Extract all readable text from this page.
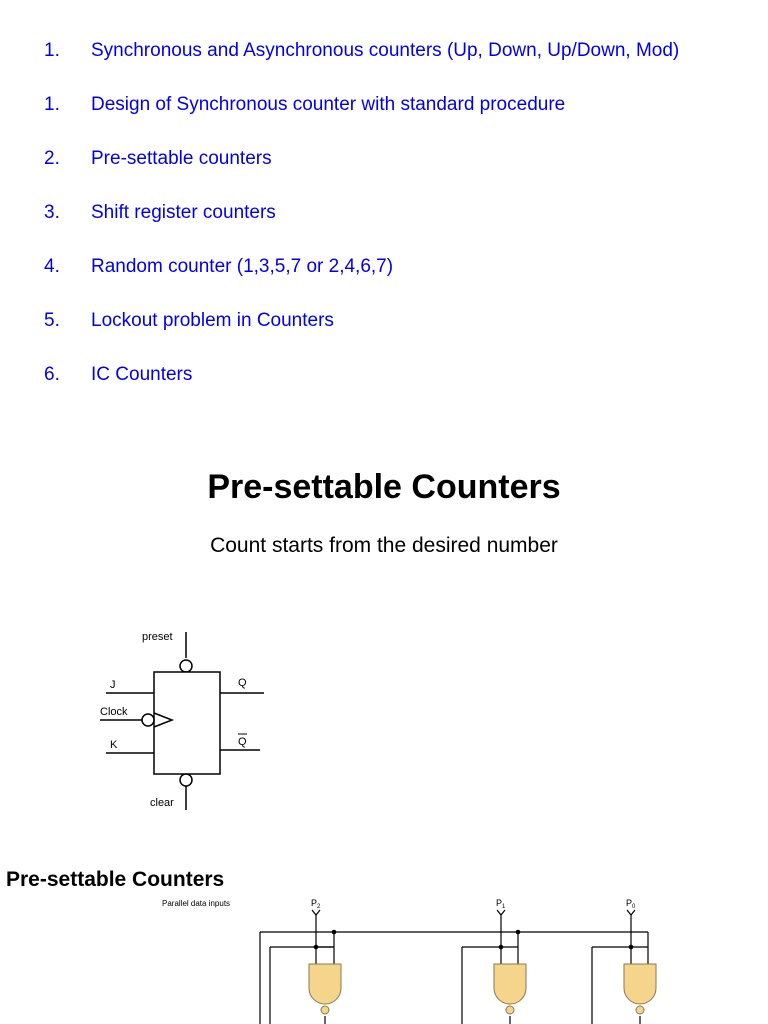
1.	Synchronous and Asynchronous counters (Up, Down, Up/Down, Mod)
1.	Design of Synchronous counter with standard procedure
2.	Pre-settable counters
3.	Shift register counters
4.	Random counter (1,3,5,7 or 2,4,6,7)
5.	Lockout problem in Counters
6.	IC Counters
Pre-settable Counters

Count starts from the desired number

preset
J
Clock
K
Q
Q
clear
Pre-settable Counters
Parallel data inputs	$P_2$	$P_1$	$P_0$
